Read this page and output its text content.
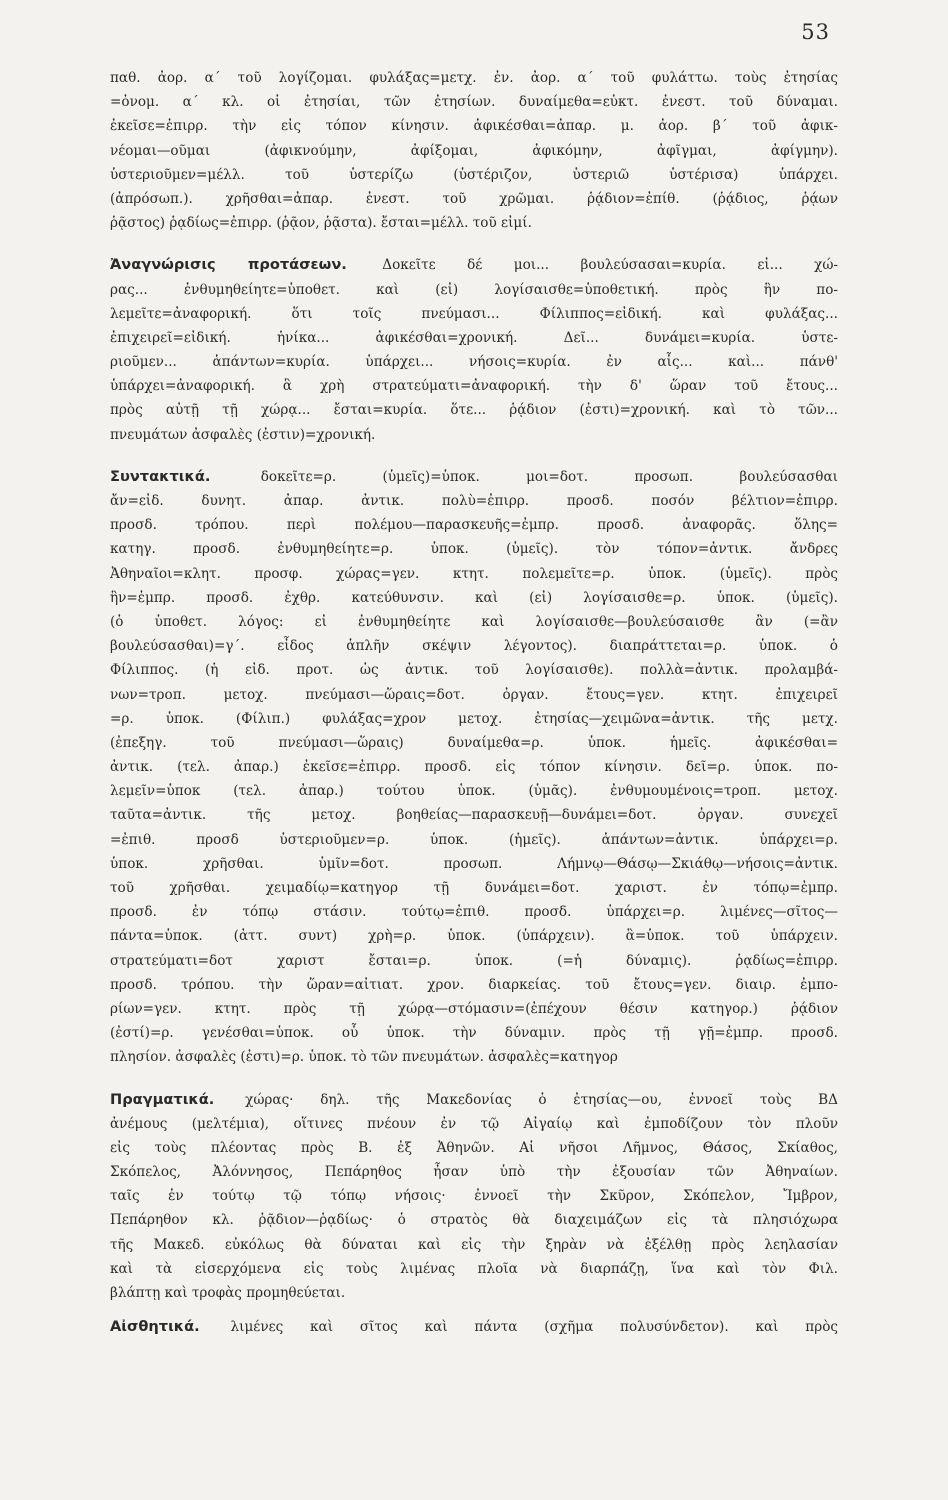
53
παθ. ἀορ. α΄ τοῦ λογίζομαι. φυλάξας=μετχ. ἐν. ἀορ. α΄ τοῦ φυλάττω. τοὺς ἐτησίας
=ὀνομ. α΄ κλ. οἱ ἐτησίαι, τῶν ἐτησίων. δυναίμεθα=εὐκτ. ἐνεστ. τοῦ δύναμαι.
ἐκεῖσε=ἐπιρρ. τὴν εἰς τόπον κίνησιν. ἀφικέσθαι=ἀπαρ. μ. ἀορ. β΄ τοῦ ἀφικ-
νέομαι—οῦμαι (ἀφικνούμην, ἀφίξομαι, ἀφικόμην, ἀφῖγμαι, ἀφίγμην).
ὑστεριοῦμεν=μέλλ. τοῦ ὑστερίζω (ὑστέριζον, ὑστεριῶ ὑστέρισα) ὑπάρχει.
(ἀπρόσωπ.). χρῆσθαι=ἀπαρ. ἐνεστ. τοῦ χρῶμαι. ῥᾴδιον=ἐπίθ. (ῥᾴδιος, ῥᾴων
ῥᾷστος) ῥᾳδίως=ἐπιρρ. (ῥᾷον, ῥᾷστα). ἔσται=μέλλ. τοῦ εἰμί.
Ἀναγνώρισις προτάσεων.	Δοκεῖτε δέ μοι... βουλεύσασαι=κυρία. εἰ... χώ-
ρας... ἐνθυμηθείητε=ὑποθετ. καὶ (εἰ) λογίσαισθε=ὑποθετική. πρὸς ἣν πο-
λεμεῖτε=ἀναφορική. ὅτι τοῖς πνεύμασι... Φίλιππος=εἰδική. καὶ φυλάξας...
ἐπιχειρεῖ=εἰδική. ἡνίκα... ἀφικέσθαι=χρονική. Δεῖ... δυνάμει=κυρία. ὑστε-
ριοῦμεν... ἁπάντων=κυρία. ὑπάρχει... νήσοις=κυρία. ἐν αἷς... καὶ... πάνθ'
ὑπάρχει=ἀναφορική. ἃ χρὴ στρατεύματι=ἀναφορική. τὴν δ' ὥραν τοῦ ἔτους...
πρὸς αὐτῇ τῇ χώρᾳ... ἔσται=κυρία. ὅτε... ῥᾴδιον (ἐστι)=χρονική. καὶ τὸ τῶν...
πνευμάτων ἀσφαλὲς (ἐστιν)=χρονική.
Συντακτικά.	δοκεῖτε=ρ. (ὑμεῖς)=ὑποκ. μοι=δοτ. προσωπ. βουλεύσασθαι
ἄν=εἰδ. δυνητ. ἀπαρ. ἀντικ. πολὺ=ἐπιρρ. προσδ. ποσόν βέλτιον=ἐπιρρ.
προσδ. τρόπου. περὶ πολέμου—παρασκευῆς=ἐμπρ. προσδ. ἀναφορᾶς. ὅλης=
κατηγ. προσδ. ἐνθυμηθείητε=ρ. ὑποκ. (ὑμεῖς). τὸν τόπον=ἀντικ. ἄνδρες
Ἀθηναῖοι=κλητ. προσφ. χώρας=γεν. κτητ. πολεμεῖτε=ρ. ὑποκ. (ὑμεῖς). πρὸς
ἣν=ἐμπρ. προσδ. ἐχθρ. κατεύθυνσιν. καὶ (εἰ) λογίσαισθε=ρ. ὑποκ. (ὑμεῖς).
(ὁ ὑποθετ. λόγος: εἰ ἐνθυμηθείητε καὶ λογίσαισθε—βουλεύσαισθε ἂν (=ἂν
βουλεύσασθαι)=γ΄. εἶδος ἁπλῆν σκέψιν λέγοντος). διαπράττεται=ρ. ὑποκ. ὁ
Φίλιππος. (ἡ εἰδ. προτ. ὡς ἀντικ. τοῦ λογίσαισθε). πολλὰ=ἀντικ. προλαμβά-
νων=τροπ. μετοχ. πνεύμασι—ὥραις=δοτ. ὀργαν. ἔτους=γεν. κτητ. ἐπιχειρεῖ
=ρ. ὑποκ. (Φίλιπ.) φυλάξας=χρον μετοχ. ἐτησίας—χειμῶνα=ἀντικ. τῆς μετχ.
(ἐπεξηγ. τοῦ πνεύμασι—ὥραις) δυναίμεθα=ρ. ὑποκ. ἡμεῖς. ἀφικέσθαι=
ἀντικ. (τελ. ἀπαρ.) ἐκεῖσε=ἐπιρρ. προσδ. εἰς τόπον κίνησιν. δεῖ=ρ. ὑποκ. πο-
λεμεῖν=ὑποκ (τελ. ἀπαρ.) τούτου ὑποκ. (ὑμᾶς). ἐνθυμουμένοις=τροπ. μετοχ.
ταῦτα=ἀντικ. τῆς μετοχ. βοηθείας—παρασκευῇ—δυνάμει=δοτ. ὀργαν. συνεχεῖ
=ἐπιθ. προσδ ὑστεριοῦμεν=ρ. ὑποκ. (ἡμεῖς). ἁπάντων=ἀντικ. ὑπάρχει=ρ.
ὑποκ. χρῆσθαι. ὑμῖν=δοτ. προσωπ. Λήμνῳ—Θάσῳ—Σκιάθῳ—νήσοις=ἀντικ.
τοῦ χρῆσθαι. χειμαδίῳ=κατηγορ τῇ δυνάμει=δοτ. χαριστ. ἐν τόπῳ=ἐμπρ.
προσδ. ἐν τόπῳ στάσιν. τούτῳ=ἐπιθ. προσδ. ὑπάρχει=ρ. λιμένες—σῖτος—
πάντα=ὑποκ. (ἀττ. συντ) χρὴ=ρ. ὑποκ. (ὑπάρχειν). ἃ=ὑποκ. τοῦ ὑπάρχειν.
στρατεύματι=δοτ χαριστ ἔσται=ρ. ὑποκ. (=ἡ δύναμις). ῥᾳδίως=ἐπιρρ.
προσδ. τρόπου. τὴν ὥραν=αἰτιατ. χρον. διαρκείας. τοῦ ἔτους=γεν. διαιρ. ἐμπο-
ρίων=γεν. κτητ. πρὸς τῇ χώρᾳ—στόμασιν=(ἐπέχουν θέσιν κατηγορ.) ῥᾴδιον
(ἐστί)=ρ. γενέσθαι=ὑποκ. οὗ ὑποκ. τὴν δύναμιν. πρὸς τῇ γῇ=ἐμπρ. προσδ.
πλησίον. ἀσφαλὲς (ἐστι)=ρ. ὑποκ. τὸ τῶν πνευμάτων. ἀσφαλὲς=κατηγορ
Πραγματικά. χώρας· δηλ. τῆς Μακεδονίας ὁ ἐτησίας—ου, ἐννοεῖ τοὺς ΒΔ
ἀνέμους (μελτέμια), οἵτινες πνέουν ἐν τῷ Αἰγαίῳ καὶ ἐμποδίζουν τὸν πλοῦν
εἰς τοὺς πλέοντας πρὸς Β. ἐξ Ἀθηνῶν. Αἱ νῆσοι Λῆμνος, Θάσος, Σκίαθος,
Σκόπελος, Ἀλόννησος, Πεπάρηθος ἦσαν ὑπὸ τὴν ἐξουσίαν τῶν Ἀθηναίων.
ταῖς ἐν τούτῳ τῷ τόπῳ νήσοις· ἐννοεῖ τὴν Σκῦρον, Σκόπελον, Ἴμβρον,
Πεπάρηθον κλ. ῥᾷδιον—ῥᾳδίως· ὁ στρατὸς θὰ διαχειμάζων εἰς τὰ πλησιόχωρα
τῆς Μακεδ. εὐκόλως θὰ δύναται καὶ εἰς τὴν ξηρὰν νὰ ἐξέλθῃ πρὸς λεηλασίαν
καὶ τὰ εἰσερχόμενα εἰς τοὺς λιμένας πλοῖα νὰ διαρπάζῃ, ἵνα καὶ τὸν Φιλ.
βλάπτῃ καὶ τροφὰς προμηθεύεται.
Αἰσθητικά. λιμένες καὶ σῖτος καὶ πάντα (σχῆμα πολυσύνδετον). καὶ πρὸς
